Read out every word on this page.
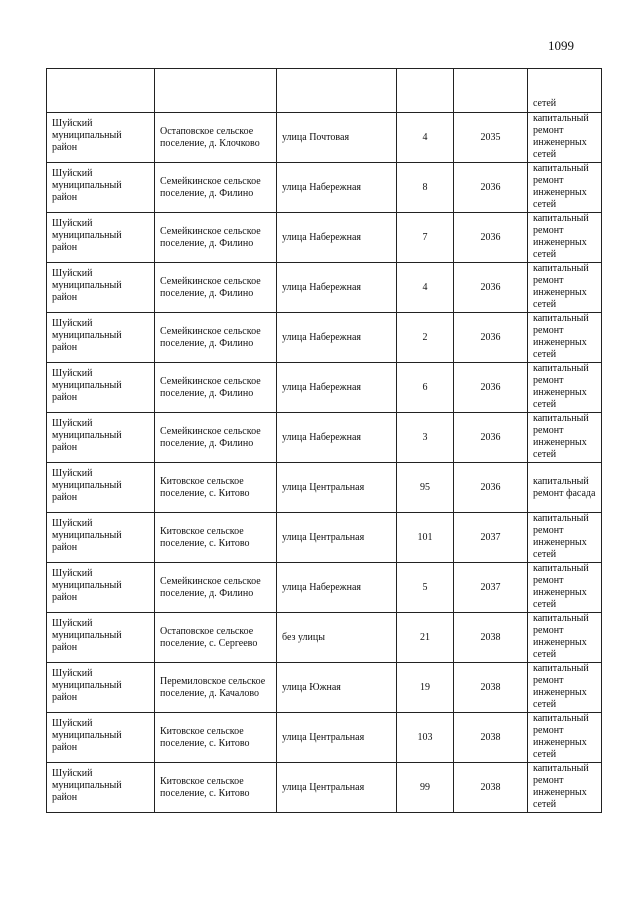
1099

					сетей

Шуйский муниципальный район	Остаповское сельское поселение, д. Клочково	улица Почтовая	4	2035	капитальный ремонт инженерных сетей

Шуйский муниципальный район	Семейкинское сельское поселение, д. Филино	улица Набережная	8	2036	капитальный ремонт инженерных сетей

Шуйский муниципальный район	Семейкинское сельское поселение, д. Филино	улица Набережная	7	2036	капитальный ремонт инженерных сетей

Шуйский муниципальный район	Семейкинское сельское поселение, д. Филино	улица Набережная	4	2036	капитальный ремонт инженерных сетей

Шуйский муниципальный район	Семейкинское сельское поселение, д. Филино	улица Набережная	2	2036	капитальный ремонт инженерных сетей

Шуйский муниципальный район	Семейкинское сельское поселение, д. Филино	улица Набережная	6	2036	капитальный ремонт инженерных сетей

Шуйский муниципальный район	Семейкинское сельское поселение, д. Филино	улица Набережная	3	2036	капитальный ремонт инженерных сетей

Шуйский муниципальный район	Китовское сельское поселение, с. Китово	улица Центральная	95	2036	капитальный ремонт фасада

Шуйский муниципальный район	Китовское сельское поселение, с. Китово	улица Центральная	101	2037	капитальный ремонт инженерных сетей

Шуйский муниципальный район	Семейкинское сельское поселение, д. Филино	улица Набережная	5	2037	капитальный ремонт инженерных сетей

Шуйский муниципальный район	Остаповское сельское поселение, с. Сергеево	без улицы	21	2038	капитальный ремонт инженерных сетей

Шуйский муниципальный район	Перемиловское сельское поселение, д. Качалово	улица Южная	19	2038	капитальный ремонт инженерных сетей

Шуйский муниципальный район	Китовское сельское поселение, с. Китово	улица Центральная	103	2038	капитальный ремонт инженерных сетей

Шуйский муниципальный район	Китовское сельское поселение, с. Китово	улица Центральная	99	2038	капитальный ремонт инженерных сетей
